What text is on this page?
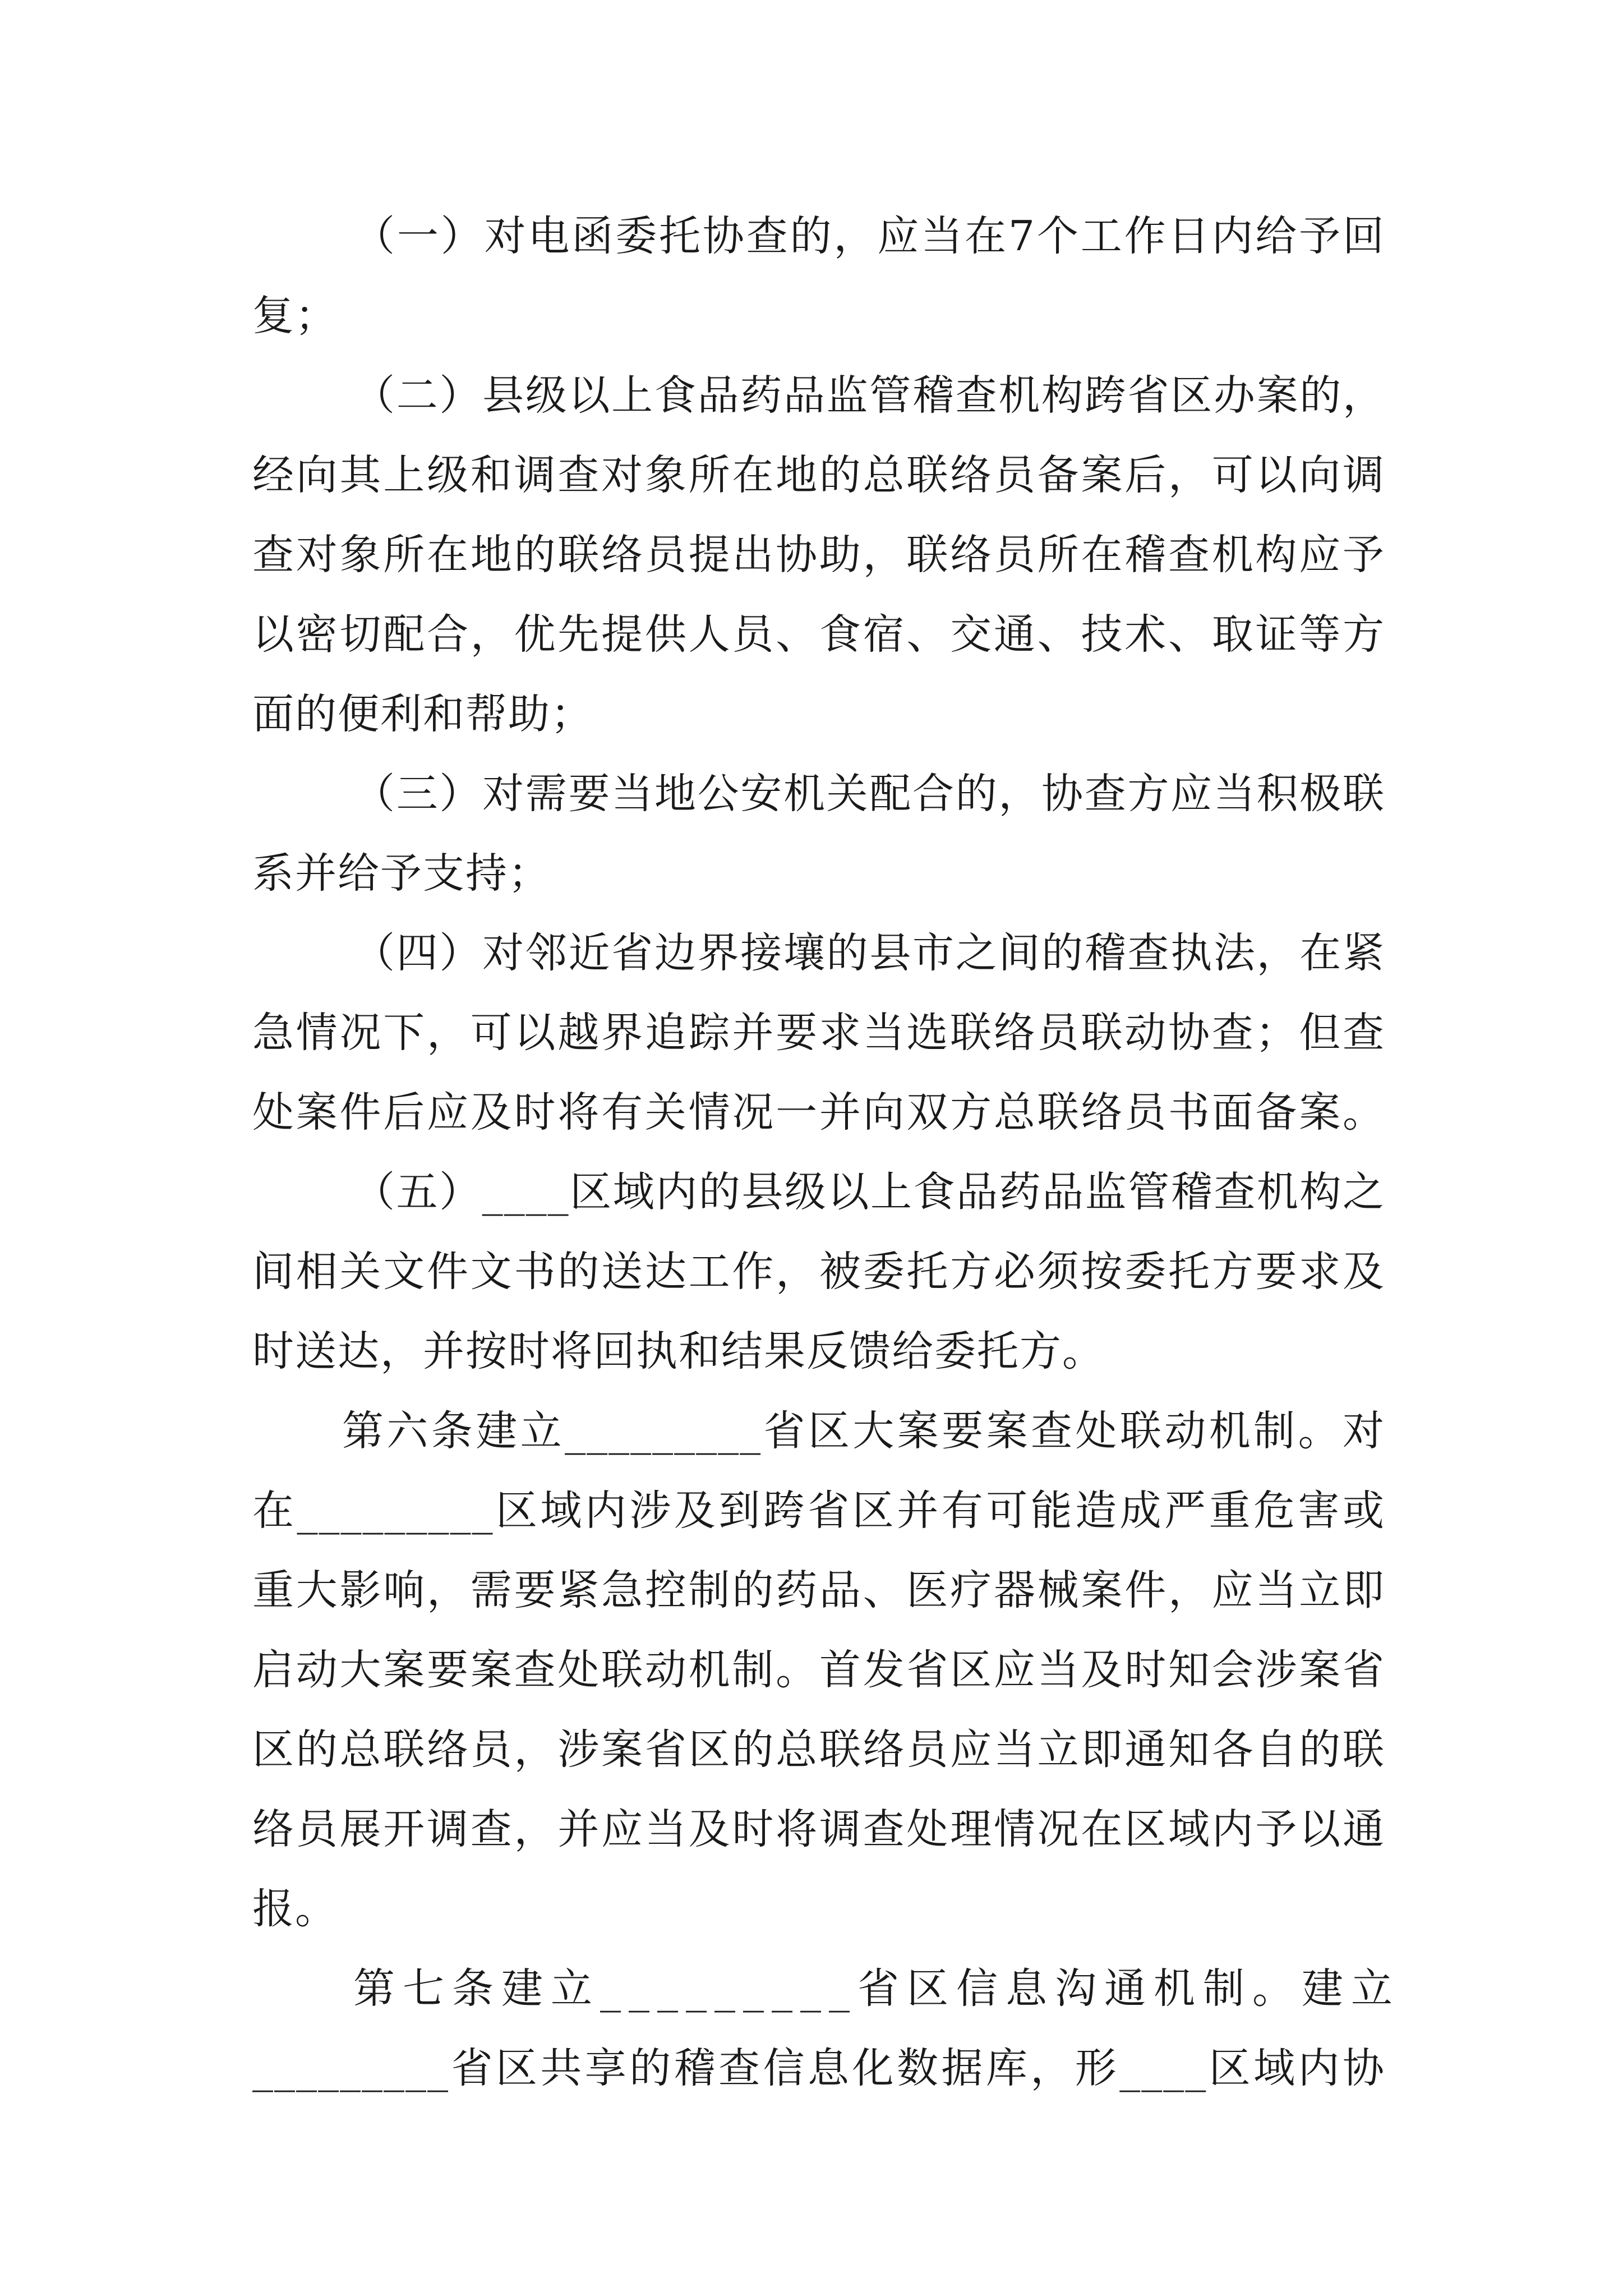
（一）对电函委托协查的，应当在7个工作日内给予回
复；
（二）县级以上食品药品监管稽查机构跨省区办案的，
经向其上级和调查对象所在地的总联络员备案后，可以向调
查对象所在地的联络员提出协助，联络员所在稽查机构应予
以密切配合，优先提供人员、食宿、交通、技术、取证等方
面的便利和帮助；
（三）对需要当地公安机关配合的，协查方应当积极联
系并给予支持；
（四）对邻近省边界接壤的县市之间的稽查执法，在紧
急情况下，可以越界追踪并要求当选联络员联动协查；但查
处案件后应及时将有关情况一并向双方总联络员书面备案。
（五）____区域内的县级以上食品药品监管稽查机构之
间相关文件文书的送达工作，被委托方必须按委托方要求及
时送达，并按时将回执和结果反馈给委托方。
第六条建立_________省区大案要案查处联动机制。对
在_________区域内涉及到跨省区并有可能造成严重危害或
重大影响，需要紧急控制的药品、医疗器械案件，应当立即
启动大案要案查处联动机制。首发省区应当及时知会涉案省
区的总联络员，涉案省区的总联络员应当立即通知各自的联
络员展开调查，并应当及时将调查处理情况在区域内予以通
报。
第七条建立_________省区信息沟通机制。建立
_________省区共享的稽查信息化数据库，形____区域内协
